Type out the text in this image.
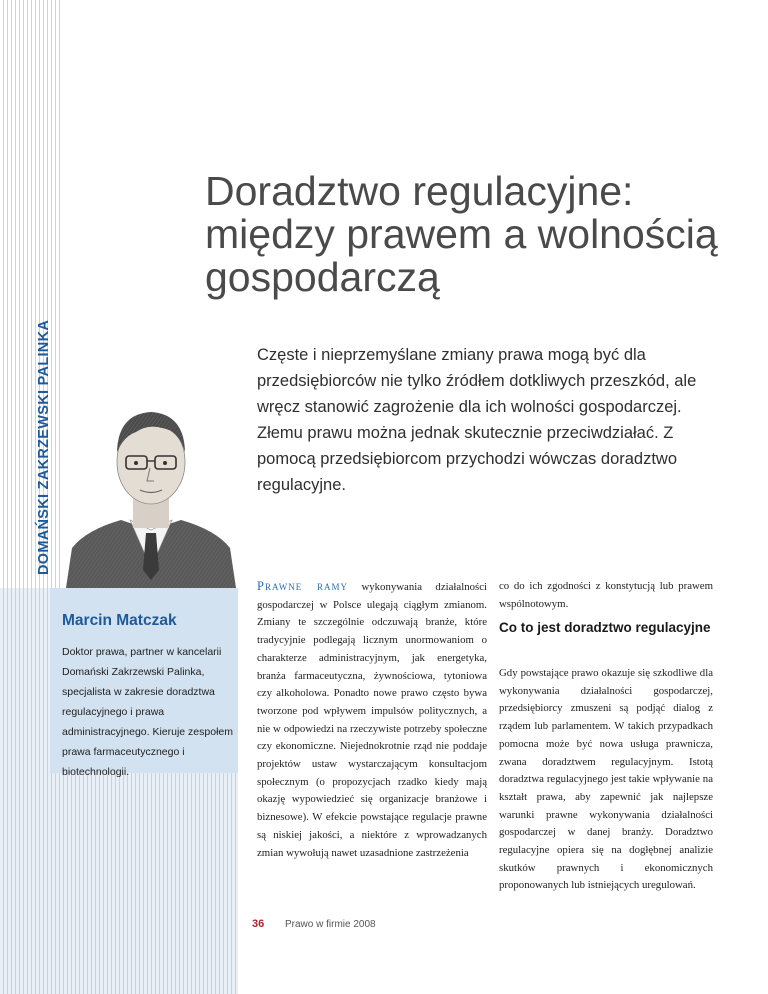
DOMAŃSKI ZAKRZEWSKI PALINKA
Doradztwo regulacyjne: między prawem a wolnością gospodarczą

Częste i nieprzemyślane zmiany prawa mogą być dla przedsiębiorców nie tylko źródłem dotkliwych przeszkód, ale wręcz stanowić zagrożenie dla ich wolności gospodarczej. Złemu prawu można jednak skutecznie przeciwdziałać. Z pomocą przedsiębiorcom przychodzi wówczas doradztwo regulacyjne.

Marcin Matczak

Doktor prawa, partner w kancelarii Domański Zakrzewski Palinka, specjalista w zakresie doradztwa regulacyjnego i prawa administracyjnego. Kieruje zespołem prawa farmaceutycznego i biotechnologii.

Prawne ramy wykonywania działalności gospodarczej w Polsce ulegają ciągłym zmianom. Zmiany te szczególnie odczuwają branże, które tradycyjnie podlegają licznym unormowaniom o charakterze administracyjnym, jak energetyka, branża farmaceutyczna, żywnościowa, tytoniowa czy alkoholowa. Ponadto nowe prawo często bywa tworzone pod wpływem impulsów politycznych, a nie w odpowiedzi na rzeczywiste potrzeby społeczne czy ekonomiczne. Niejednokrotnie rząd nie poddaje projektów ustaw wystarczającym konsultacjom społecznym (o propozycjach rzadko kiedy mają okazję wypowiedzieć się organizacje branżowe i biznesowe). W efekcie powstające regulacje prawne są niskiej jakości, a niektóre z wprowadzanych zmian wywołują nawet uzasadnione zastrzeżenia

co do ich zgodności z konstytucją lub prawem wspólnotowym.

Co to jest doradztwo regulacyjne

Gdy powstające prawo okazuje się szkodliwe dla wykonywania działalności gospodarczej, przedsiębiorcy zmuszeni są podjąć dialog z rządem lub parlamentem. W takich przypadkach pomocna może być nowa usługa prawnicza, zwana doradztwem regulacyjnym. Istotą doradztwa regulacyjnego jest takie wpływanie na kształt prawa, aby zapewnić jak najlepsze warunki prawne wykonywania działalności gospodarczej w danej branży. Doradztwo regulacyjne opiera się na dogłębnej analizie skutków prawnych i ekonomicznych proponowanych lub istniejących uregulowań.

36 Prawo w firmie 2008
